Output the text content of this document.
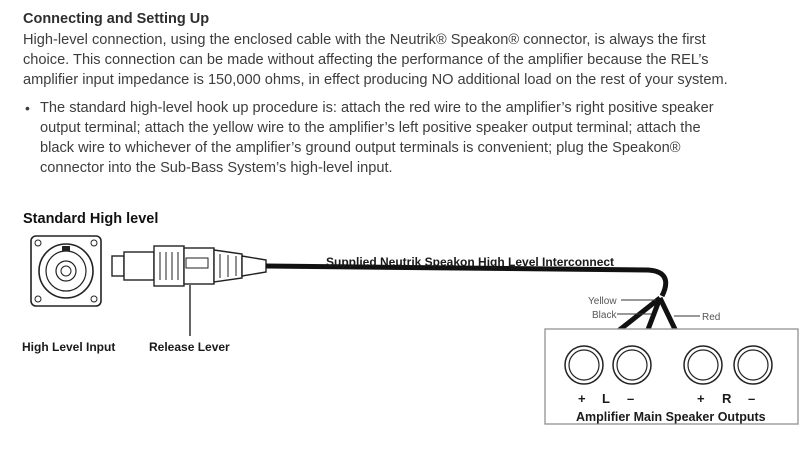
Connecting and Setting Up

High-level connection, using the enclosed cable with the Neutrik® Speakon® connector, is always the first

choice. This connection can be made without affecting the performance of the amplifier because the REL’s

amplifier input impedance is 150,000 ohms, in effect producing NO additional load on the rest of your system.

• The standard high-level hook up procedure is: attach the red wire to the amplifier’s right positive speaker

output terminal; attach the yellow wire to the amplifier’s left positive speaker output terminal; attach the

black wire to whichever of the amplifier’s ground output terminals is convenient; plug the Speakon®

connector into the Sub-Bass System’s high-level input.

Standard High level
Supplied Neutrik Speakon High Level Interconnect
High Level Input	Release Lever
Yellow
Black	Red
+ L –	+ R –
Amplifier Main Speaker Outputs
